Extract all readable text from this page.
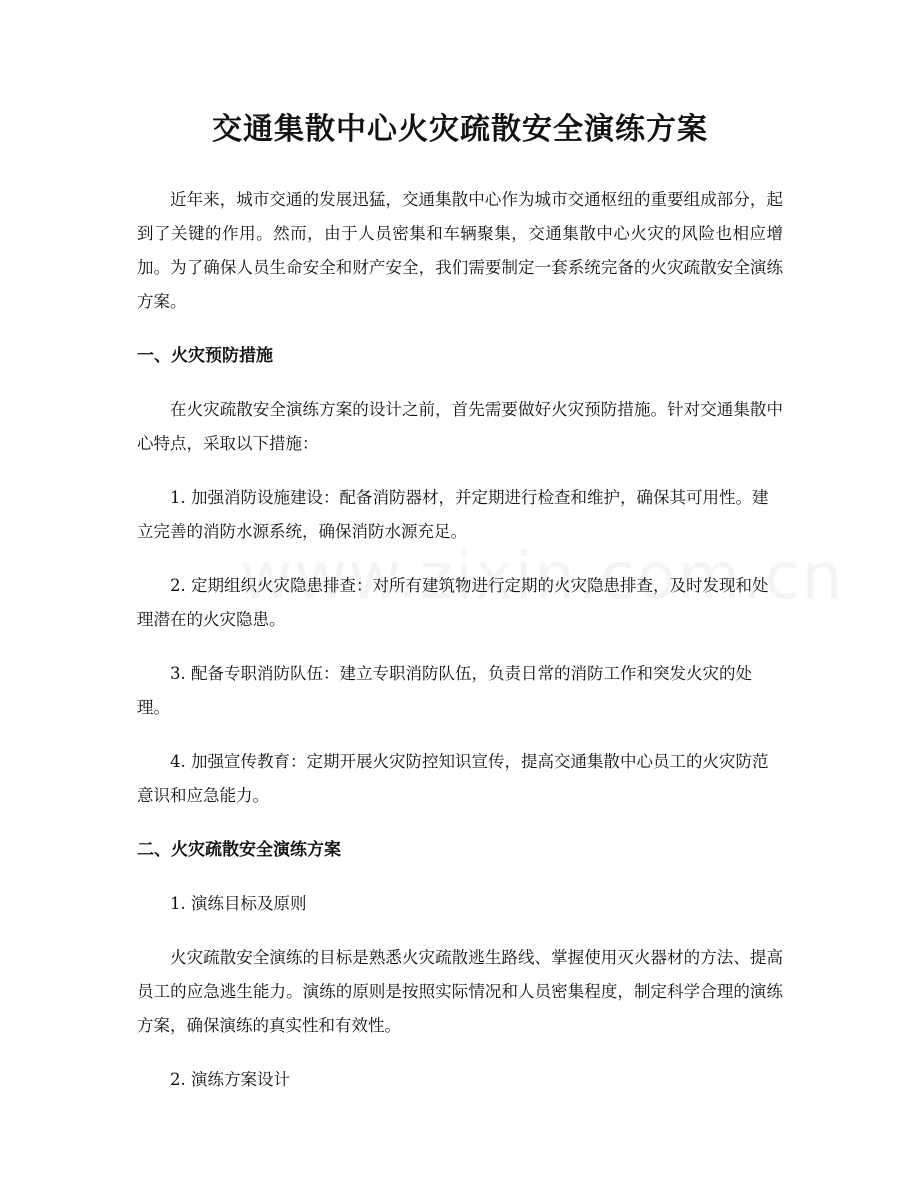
交通集散中心火灾疏散安全演练方案

近年来，城市交通的发展迅猛，交通集散中心作为城市交通枢纽的重要组成部分，起到了关键的作用。然而，由于人员密集和车辆聚集，交通集散中心火灾的风险也相应增加。为了确保人员生命安全和财产安全，我们需要制定一套系统完备的火灾疏散安全演练方案。

一、火灾预防措施

在火灾疏散安全演练方案的设计之前，首先需要做好火灾预防措施。针对交通集散中心特点，采取以下措施：

1. 加强消防设施建设：配备消防器材，并定期进行检查和维护，确保其可用性。建立完善的消防水源系统，确保消防水源充足。

2. 定期组织火灾隐患排查：对所有建筑物进行定期的火灾隐患排查，及时发现和处理潜在的火灾隐患。

3. 配备专职消防队伍：建立专职消防队伍，负责日常的消防工作和突发火灾的处理。

4. 加强宣传教育：定期开展火灾防控知识宣传，提高交通集散中心员工的火灾防范意识和应急能力。

二、火灾疏散安全演练方案

1. 演练目标及原则

火灾疏散安全演练的目标是熟悉火灾疏散逃生路线、掌握使用灭火器材的方法、提高员工的应急逃生能力。演练的原则是按照实际情况和人员密集程度，制定科学合理的演练方案，确保演练的真实性和有效性。

2. 演练方案设计
